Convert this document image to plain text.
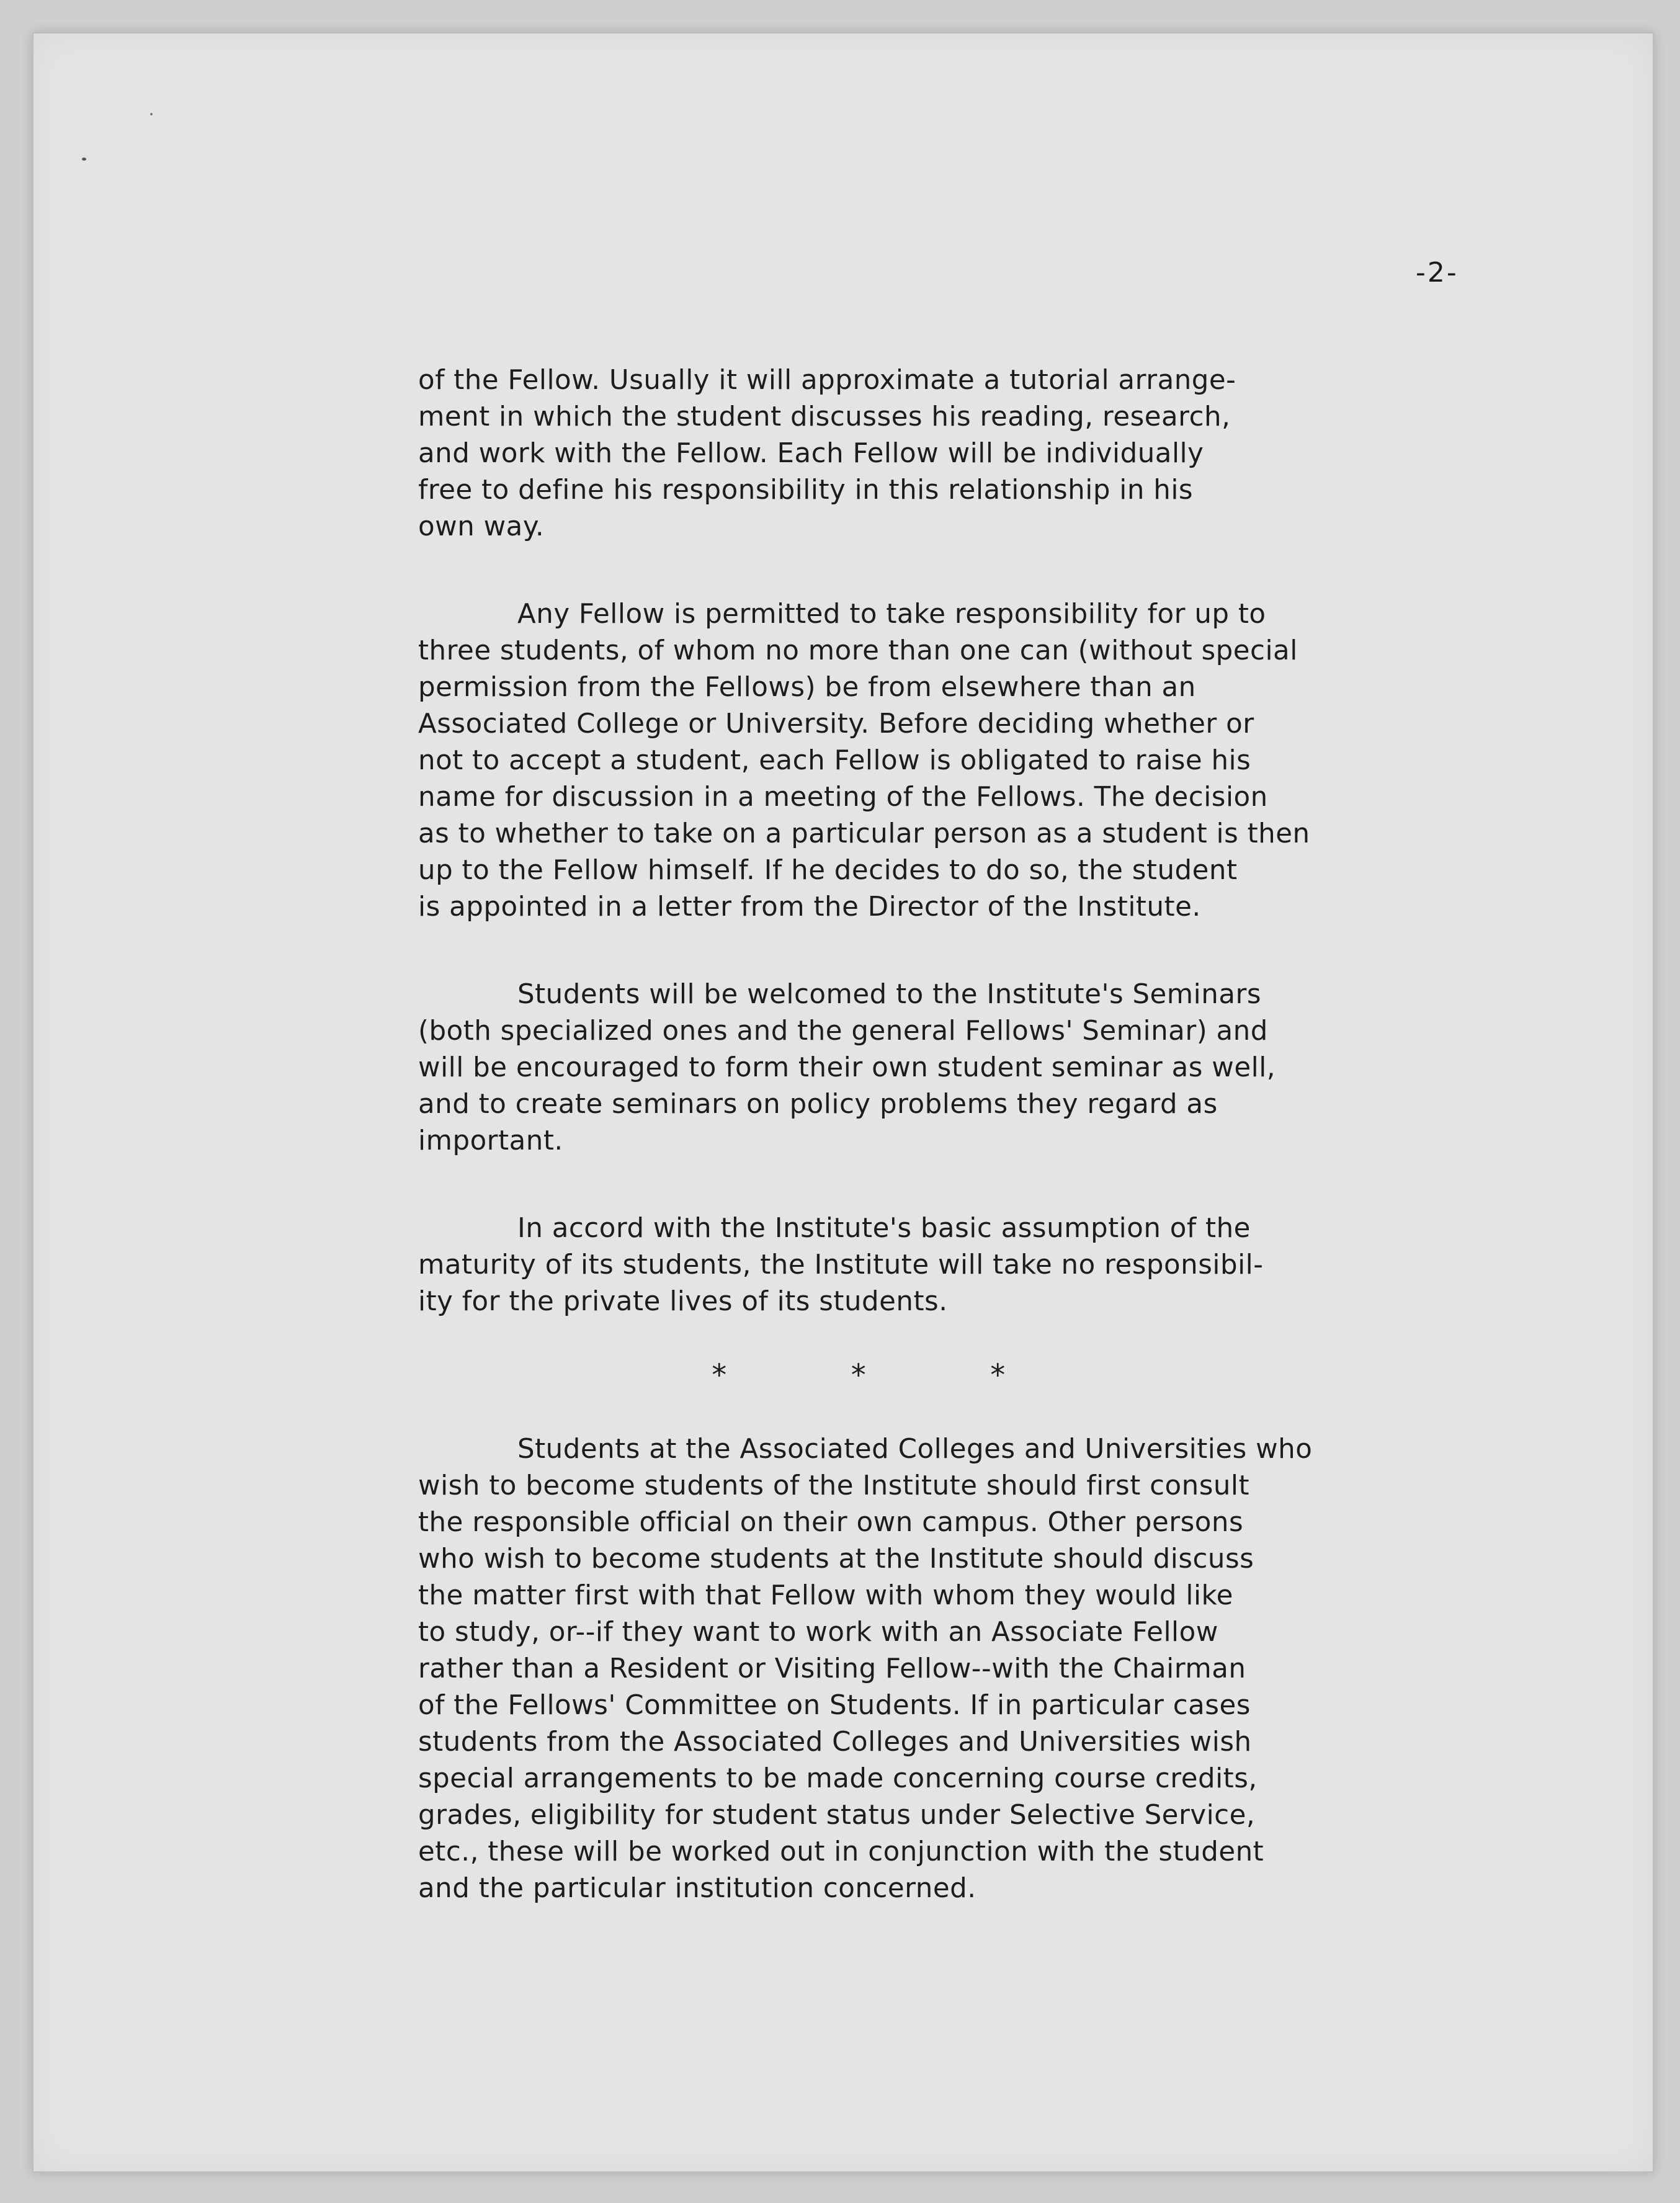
-2-

of the Fellow. Usually it will approximate a tutorial arrange-
ment in which the student discusses his reading, research,
and work with the Fellow. Each Fellow will be individually
free to define his responsibility in this relationship in his
own way.
Any Fellow is permitted to take responsibility for up to
three students, of whom no more than one can (without special
permission from the Fellows) be from elsewhere than an
Associated College or University. Before deciding whether or
not to accept a student, each Fellow is obligated to raise his
name for discussion in a meeting of the Fellows. The decision
as to whether to take on a particular person as a student is then
up to the Fellow himself. If he decides to do so, the student
is appointed in a letter from the Director of the Institute.
Students will be welcomed to the Institute's Seminars
(both specialized ones and the general Fellows' Seminar) and
will be encouraged to form their own student seminar as well,
and to create seminars on policy problems they regard as
important.
In accord with the Institute's basic assumption of the
maturity of its students, the Institute will take no responsibil-
ity for the private lives of its students.
*	*	*
Students at the Associated Colleges and Universities who
wish to become students of the Institute should first consult
the responsible official on their own campus. Other persons
who wish to become students at the Institute should discuss
the matter first with that Fellow with whom they would like
to study, or--if they want to work with an Associate Fellow
rather than a Resident or Visiting Fellow--with the Chairman
of the Fellows' Committee on Students. If in particular cases
students from the Associated Colleges and Universities wish
special arrangements to be made concerning course credits,
grades, eligibility for student status under Selective Service,
etc., these will be worked out in conjunction with the student
and the particular institution concerned.
